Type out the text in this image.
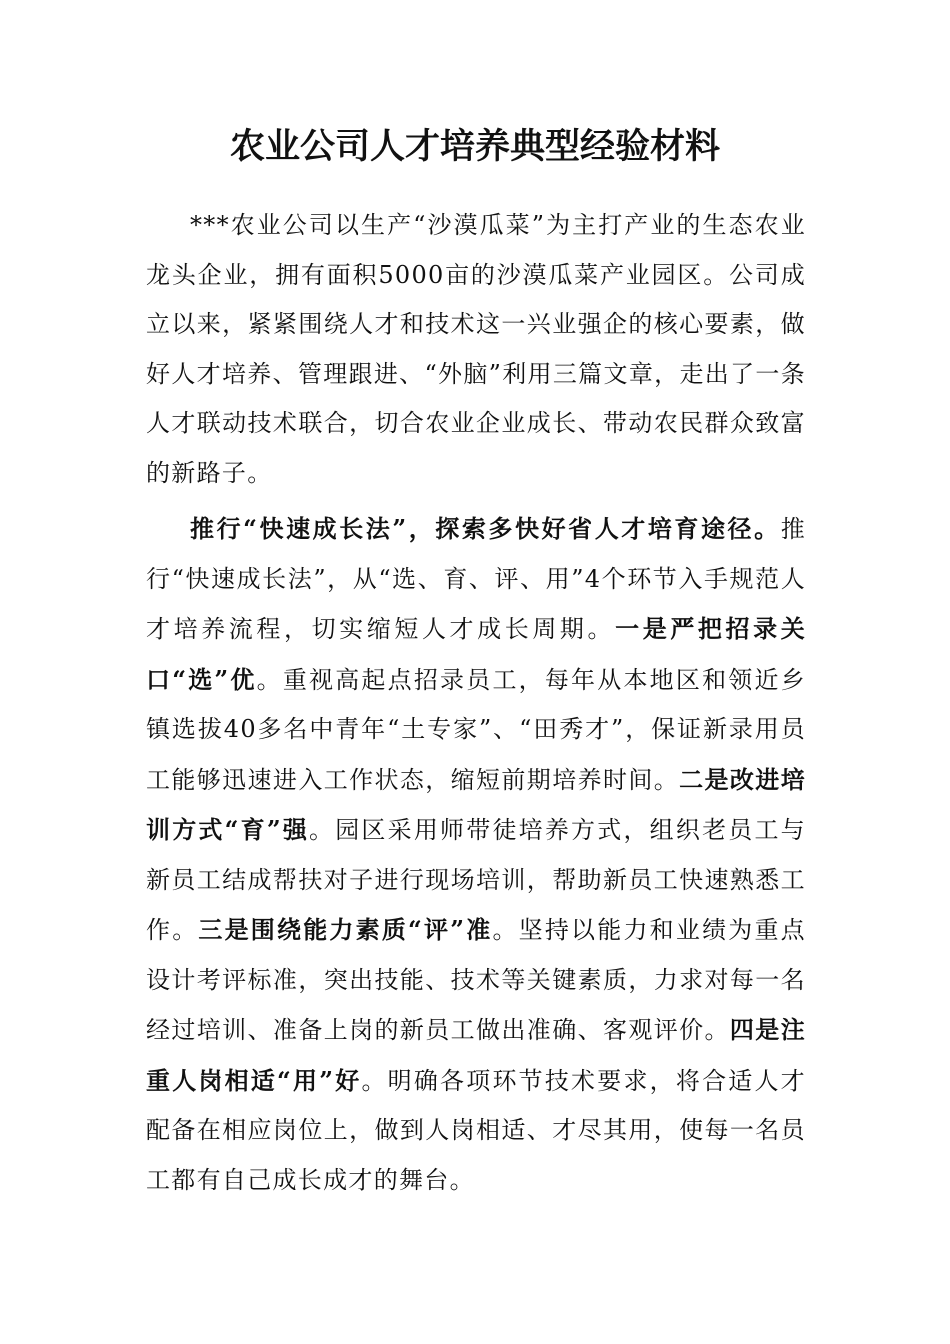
农业公司人才培养典型经验材料

***农业公司以生产“沙漠瓜菜”为主打产业的生态农业龙头企业，拥有面积5000亩的沙漠瓜菜产业园区。公司成立以来，紧紧围绕人才和技术这一兴业强企的核心要素，做好人才培养、管理跟进、“外脑”利用三篇文章，走出了一条人才联动技术联合，切合农业企业成长、带动农民群众致富的新路子。

推行“快速成长法”，探索多快好省人才培育途径。推行“快速成长法”，从“选、育、评、用”4个环节入手规范人才培养流程，切实缩短人才成长周期。一是严把招录关口“选”优。重视高起点招录员工，每年从本地区和领近乡镇选拔40多名中青年“土专家”、“田秀才”，保证新录用员工能够迅速进入工作状态，缩短前期培养时间。二是改进培训方式“育”强。园区采用师带徒培养方式，组织老员工与新员工结成帮扶对子进行现场培训，帮助新员工快速熟悉工作。三是围绕能力素质“评”准。坚持以能力和业绩为重点设计考评标准，突出技能、技术等关键素质，力求对每一名经过培训、准备上岗的新员工做出准确、客观评价。四是注重人岗相适“用”好。明确各项环节技术要求，将合适人才配备在相应岗位上，做到人岗相适、才尽其用，使每一名员工都有自己成长成才的舞台。
